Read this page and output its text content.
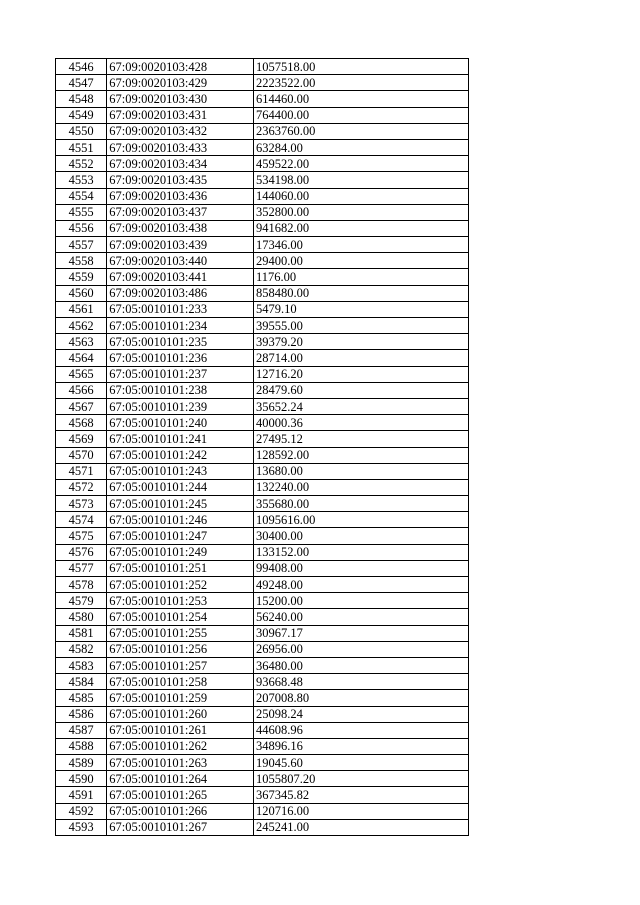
4546	67:09:0020103:428	1057518.00
4547	67:09:0020103:429	2223522.00
4548	67:09:0020103:430	614460.00
4549	67:09:0020103:431	764400.00
4550	67:09:0020103:432	2363760.00
4551	67:09:0020103:433	63284.00
4552	67:09:0020103:434	459522.00
4553	67:09:0020103:435	534198.00
4554	67:09:0020103:436	144060.00
4555	67:09:0020103:437	352800.00
4556	67:09:0020103:438	941682.00
4557	67:09:0020103:439	17346.00
4558	67:09:0020103:440	29400.00
4559	67:09:0020103:441	1176.00
4560	67:09:0020103:486	858480.00
4561	67:05:0010101:233	5479.10
4562	67:05:0010101:234	39555.00
4563	67:05:0010101:235	39379.20
4564	67:05:0010101:236	28714.00
4565	67:05:0010101:237	12716.20
4566	67:05:0010101:238	28479.60
4567	67:05:0010101:239	35652.24
4568	67:05:0010101:240	40000.36
4569	67:05:0010101:241	27495.12
4570	67:05:0010101:242	128592.00
4571	67:05:0010101:243	13680.00
4572	67:05:0010101:244	132240.00
4573	67:05:0010101:245	355680.00
4574	67:05:0010101:246	1095616.00
4575	67:05:0010101:247	30400.00
4576	67:05:0010101:249	133152.00
4577	67:05:0010101:251	99408.00
4578	67:05:0010101:252	49248.00
4579	67:05:0010101:253	15200.00
4580	67:05:0010101:254	56240.00
4581	67:05:0010101:255	30967.17
4582	67:05:0010101:256	26956.00
4583	67:05:0010101:257	36480.00
4584	67:05:0010101:258	93668.48
4585	67:05:0010101:259	207008.80
4586	67:05:0010101:260	25098.24
4587	67:05:0010101:261	44608.96
4588	67:05:0010101:262	34896.16
4589	67:05:0010101:263	19045.60
4590	67:05:0010101:264	1055807.20
4591	67:05:0010101:265	367345.82
4592	67:05:0010101:266	120716.00
4593	67:05:0010101:267	245241.00
